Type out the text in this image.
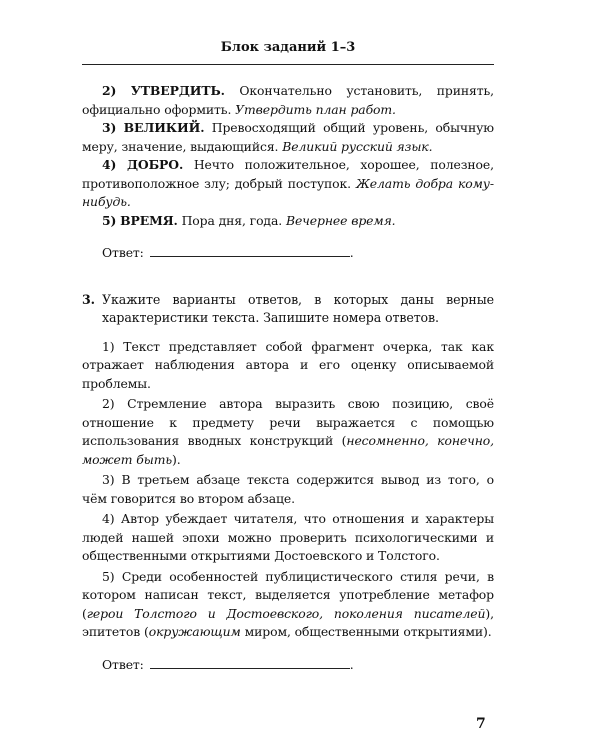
Блок заданий 1–3

2) УТВЕРДИТЬ. Окончательно установить, принять, официально оформить. Утвердить план работ.

3) ВЕЛИКИЙ. Превосходящий общий уровень, обычную меру, значение, выдающийся. Великий русский язык.

4) ДОБРО. Нечто положительное, хорошее, полезное, противоположное злу; добрый поступок. Желать добра кому-нибудь.

5) ВРЕМЯ. Пора дня, года. Вечернее время.

Ответ:	.
3. Укажите варианты ответов, в которых даны верные характеристики текста. Запишите номера ответов.

1) Текст представляет собой фрагмент очерка, так как отражает наблюдения автора и его оценку описываемой проблемы.

2) Стремление автора выразить свою позицию, своё отношение к предмету речи выражается с помощью использования вводных конструкций (несомненно, конечно, может быть).

3) В третьем абзаце текста содержится вывод из того, о чём говорится во втором абзаце.

4) Автор убеждает читателя, что отношения и характеры людей нашей эпохи можно проверить психологическими и общественными открытиями Достоевского и Толстого.

5) Среди особенностей публицистического стиля речи, в котором написан текст, выделяется употребление метафор (герои Толстого и Достоевского, поколения писателей), эпитетов (окружающим миром, общественными открытиями).

Ответ:	.
7
